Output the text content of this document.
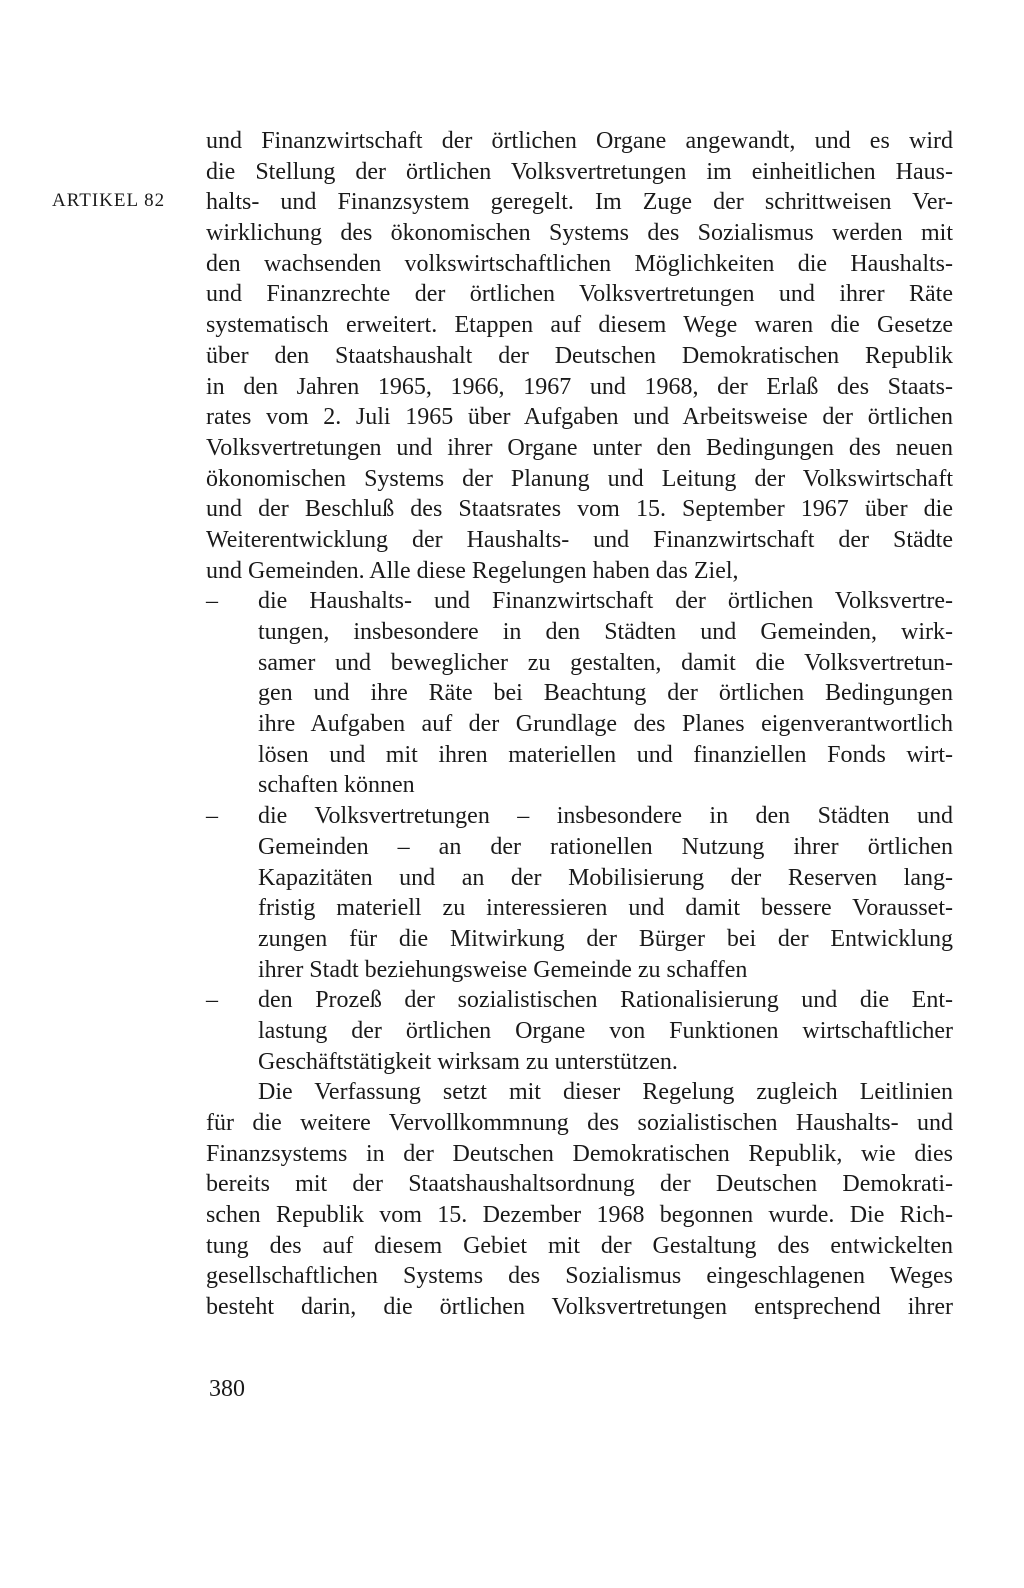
ARTIKEL 82
und Finanzwirtschaft der örtlichen Organe angewandt, und es wird
die Stellung der örtlichen Volksvertretungen im einheitlichen Haus-
halts- und Finanzsystem geregelt. Im Zuge der schrittweisen Ver-
wirklichung des ökonomischen Systems des Sozialismus werden mit
den wachsenden volkswirtschaftlichen Möglichkeiten die Haushalts-
und Finanzrechte der örtlichen Volksvertretungen und ihrer Räte
systematisch erweitert. Etappen auf diesem Wege waren die Gesetze
über den Staatshaushalt der Deutschen Demokratischen Republik
in den Jahren 1965, 1966, 1967 und 1968, der Erlaß des Staats-
rates vom 2. Juli 1965 über Aufgaben und Arbeitsweise der örtlichen
Volksvertretungen und ihrer Organe unter den Bedingungen des neuen
ökonomischen Systems der Planung und Leitung der Volkswirtschaft
und der Beschluß des Staatsrates vom 15. September 1967 über die
Weiterentwicklung der Haushalts- und Finanzwirtschaft der Städte
und Gemeinden. Alle diese Regelungen haben das Ziel,
– die Haushalts- und Finanzwirtschaft der örtlichen Volksvertre-
tungen, insbesondere in den Städten und Gemeinden, wirk-
samer und beweglicher zu gestalten, damit die Volksvertretun-
gen und ihre Räte bei Beachtung der örtlichen Bedingungen
ihre Aufgaben auf der Grundlage des Planes eigenverantwortlich
lösen und mit ihren materiellen und finanziellen Fonds wirt-
schaften können
– die Volksvertretungen – insbesondere in den Städten und
Gemeinden – an der rationellen Nutzung ihrer örtlichen
Kapazitäten und an der Mobilisierung der Reserven lang-
fristig materiell zu interessieren und damit bessere Vorausset-
zungen für die Mitwirkung der Bürger bei der Entwicklung
ihrer Stadt beziehungsweise Gemeinde zu schaffen
– den Prozeß der sozialistischen Rationalisierung und die Ent-
lastung der örtlichen Organe von Funktionen wirtschaftlicher
Geschäftstätigkeit wirksam zu unterstützen.
Die Verfassung setzt mit dieser Regelung zugleich Leitlinien
für die weitere Vervollkommnung des sozialistischen Haushalts- und
Finanzsystems in der Deutschen Demokratischen Republik, wie dies
bereits mit der Staatshaushaltsordnung der Deutschen Demokrati-
schen Republik vom 15. Dezember 1968 begonnen wurde. Die Rich-
tung des auf diesem Gebiet mit der Gestaltung des entwickelten
gesellschaftlichen Systems des Sozialismus eingeschlagenen Weges
besteht darin, die örtlichen Volksvertretungen entsprechend ihrer
380
